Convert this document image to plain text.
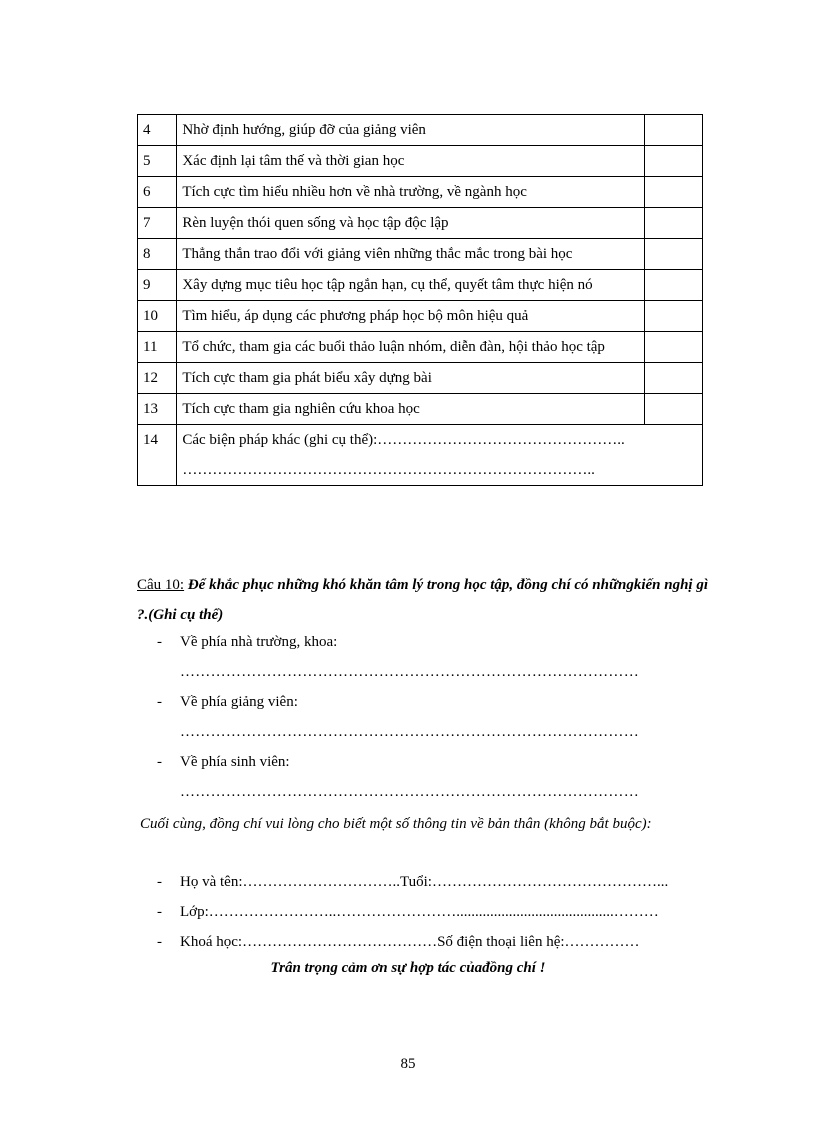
4	Nhờ định hướng, giúp đỡ của giảng viên	
5	Xác định lại tâm thế và thời gian học	
6	Tích cực tìm hiểu nhiều hơn về nhà trường, về ngành học	
7	Rèn luyện thói quen sống và học tập độc lập	
8	Thẳng thắn trao đổi với giảng viên những thắc mắc trong bài học	
9	Xây dựng mục tiêu học tập ngắn hạn, cụ thể, quyết tâm thực hiện nó	
10	Tìm hiểu, áp dụng các phương pháp học bộ môn hiệu quả	
11	Tổ chức, tham gia các buổi thảo luận nhóm, diễn đàn, hội thảo học tập	
12	Tích cực tham gia phát biểu xây dựng bài	
13	Tích cực tham gia nghiên cứu khoa học	
14	Các biện pháp khác (ghi cụ thể):………………………………………….. ………………………………………………………………………..	
Câu 10: Để khắc phục những khó khăn tâm lý trong học tập, đồng chí có nhữngkiến nghị gì ?.(Ghi cụ thể)
- Về phía nhà trường, khoa:
………………………………………………………………………………
- Về phía giảng viên:
………………………………………………………………………………
- Về phía sinh viên:
………………………………………………………………………………
Cuối cùng, đồng chí vui lòng cho biết một số thông tin về bản thân (không bắt buộc):
- Họ và tên:…………………………..Tuổi:………………………………………...
- Lớp:……………………..……………………..........................................………
- Khoá học:…………………………………Số điện thoại liên hệ:……………
Trân trọng cảm ơn sự hợp tác củađồng chí !
85
